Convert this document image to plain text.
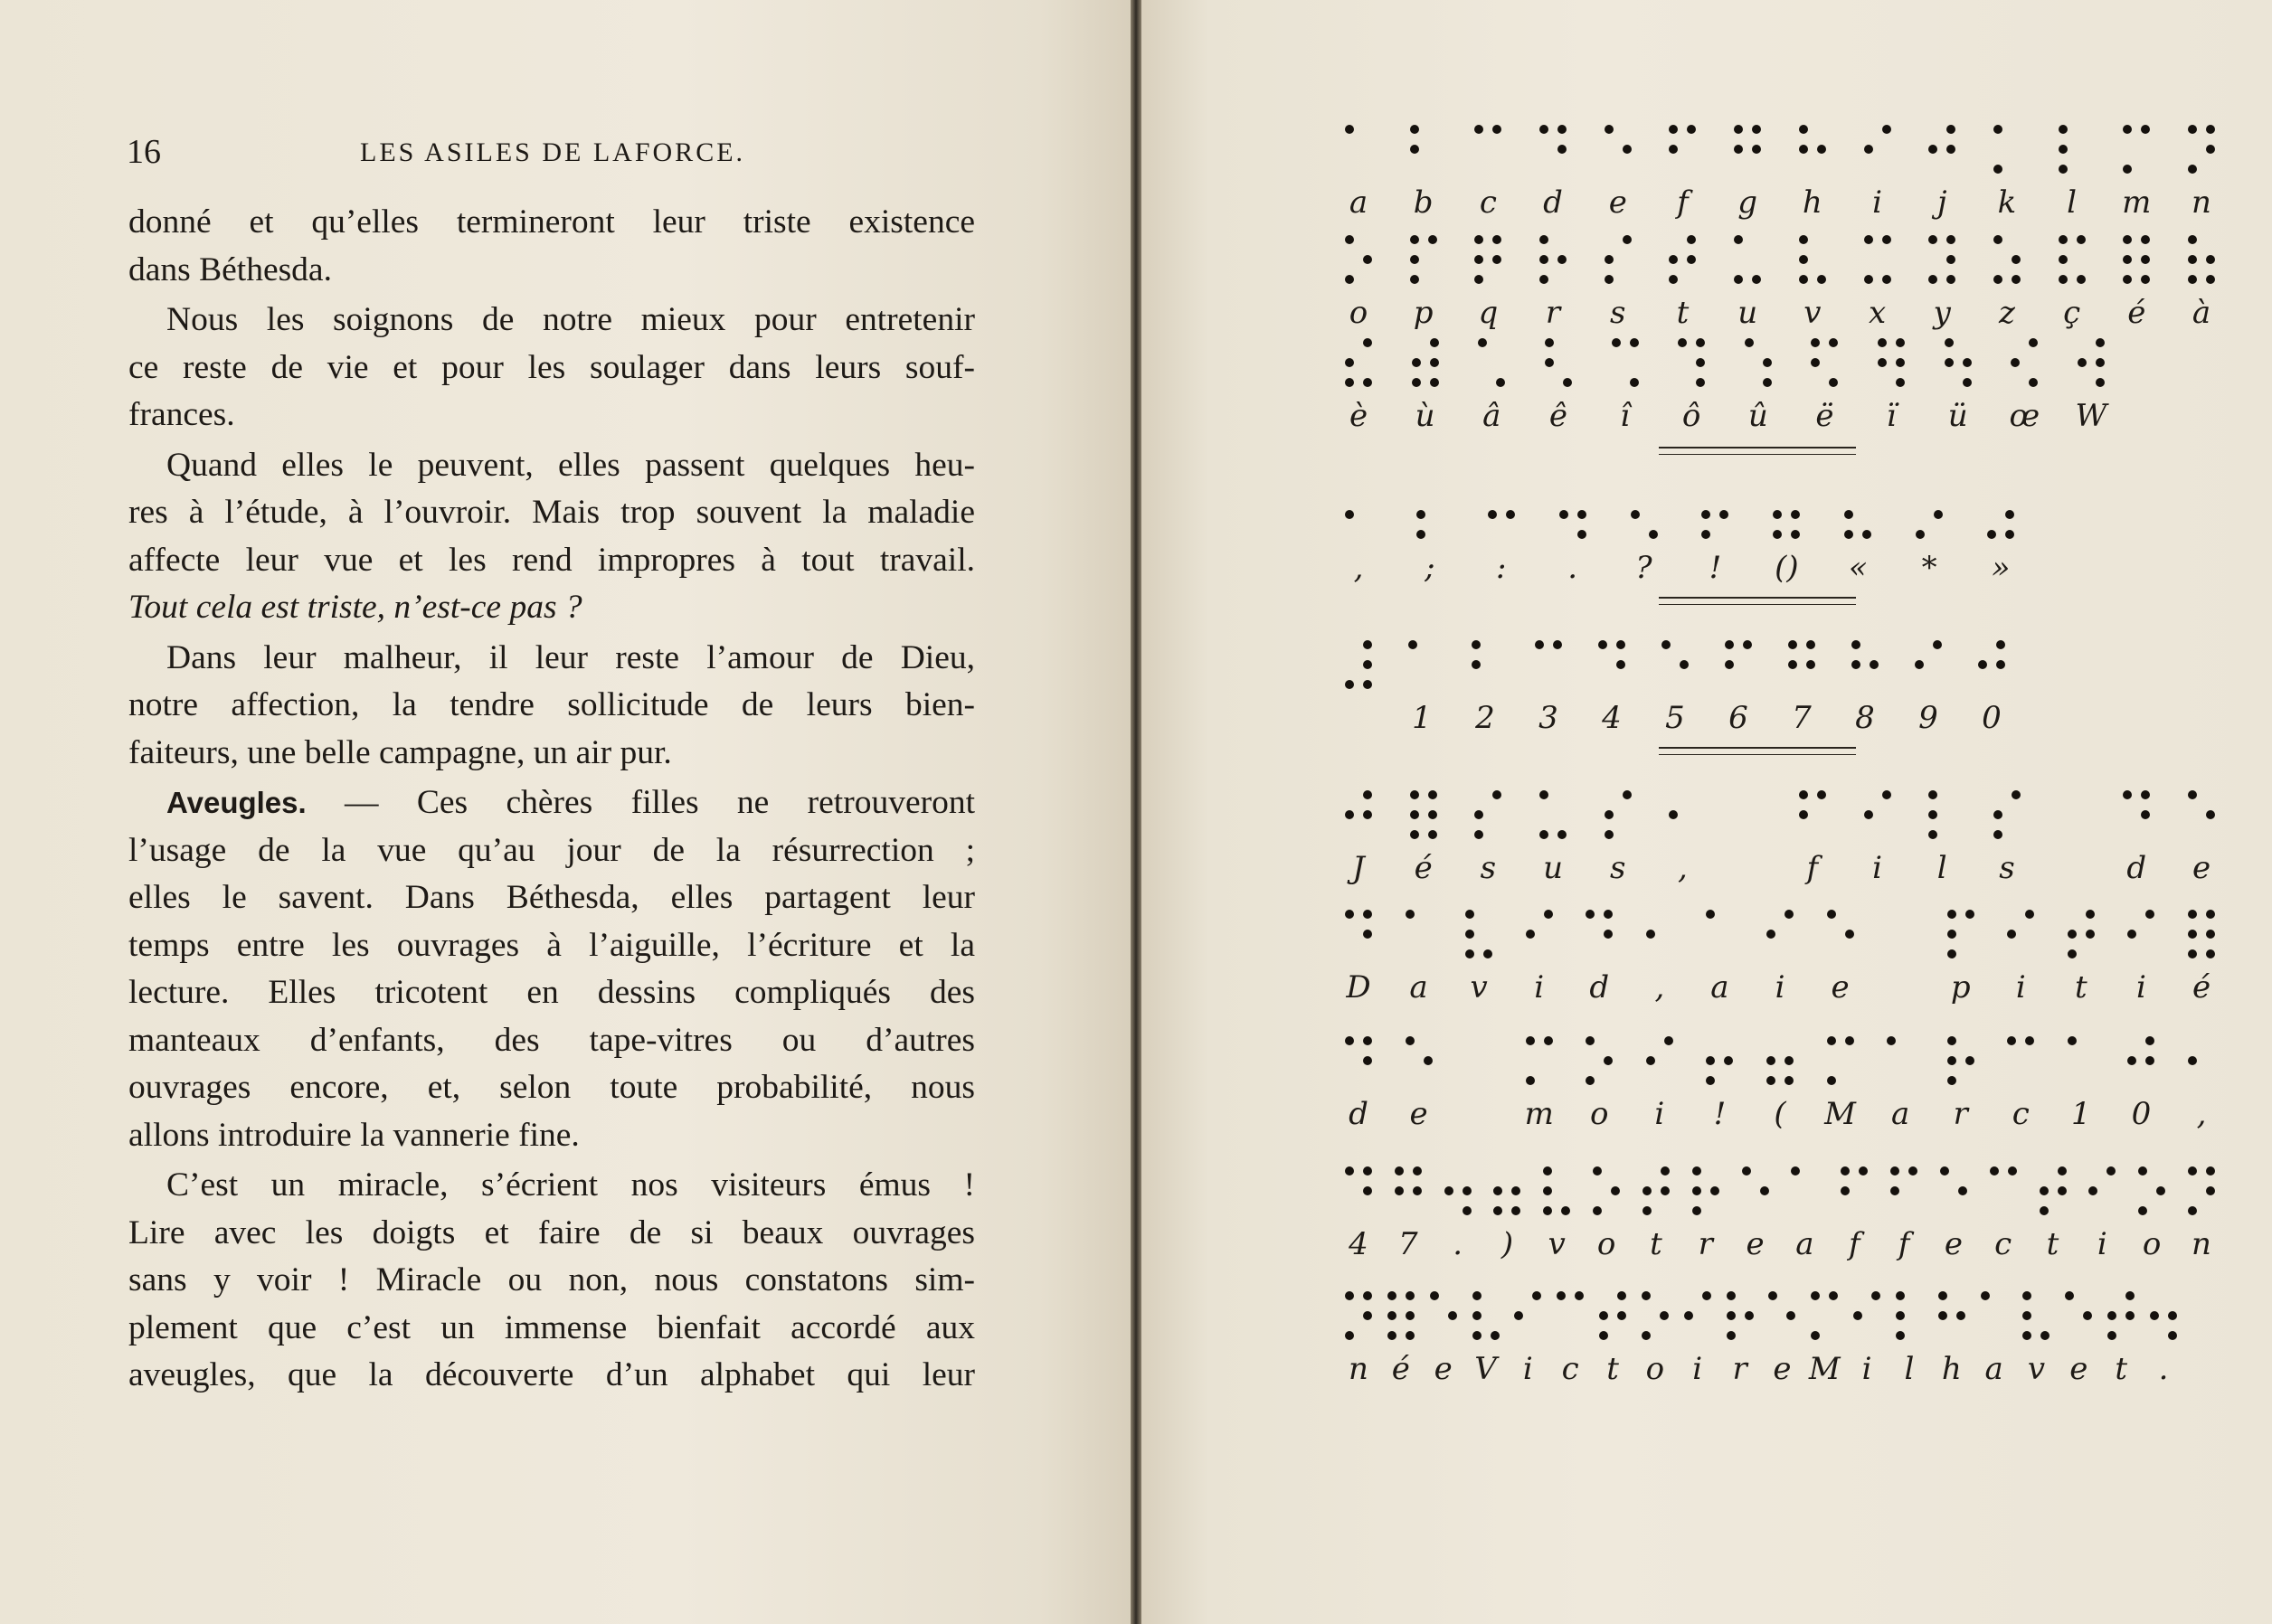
16	LES ASILES DE LAFORCE.

donné et qu’elles termineront leur triste existence
dans Béthesda.

Nous les soignons de notre mieux pour entretenir
ce reste de vie et pour les soulager dans leurs souf-
frances.

Quand elles le peuvent, elles passent quelques heu-
res à l’étude, à l’ouvroir. Mais trop souvent la maladie
affecte leur vue et les rend impropres à tout travail.
Tout cela est triste, n’est-ce pas ?

Dans leur malheur, il leur reste l’amour de Dieu,
notre affection, la tendre sollicitude de leurs bien-
faiteurs, une belle campagne, un air pur.

Aveugles. — Ces chères filles ne retrouveront
l’usage de la vue qu’au jour de la résurrection ;
elles le savent. Dans Béthesda, elles partagent leur
temps entre les ouvrages à l’aiguille, l’écriture et la
lecture. Elles tricotent en dessins compliqués des
manteaux d’enfants, des tape-vitres ou d’autres
ouvrages encore, et, selon toute probabilité, nous
allons introduire la vannerie fine.

C’est un miracle, s’écrient nos visiteurs émus !
Lire avec les doigts et faire de si beaux ouvrages
sans y voir ! Miracle ou non, nous constatons sim-
plement que c’est un immense bienfait accordé aux
aveugles, que la découverte d’un alphabet qui leur

a	b	c	d	e	f	g	h	i	j	k	l	m	n
o	p	q	r	s	t	u	v	x	y	z	ç	é	à
è	ù	â	ê	î	ô	û	ë	ï	ü	œ W
,	;	:	.	?	!	()	«	*	»
1	2	3	4	5	6	7	8	9	0
J	é	s	u	s	,	f	i	l	s	d	e
D	a	v	i	d	,	a	i	e	p	i	t	i	é
d	e	m	o	i	!	(	M	a	r	c	1	0	,
4 7	.	)	v	o	t	r	e	a	f	f	e	c	t	i	o n
n é e V i c t o i r e M i	l h a v e t	.
